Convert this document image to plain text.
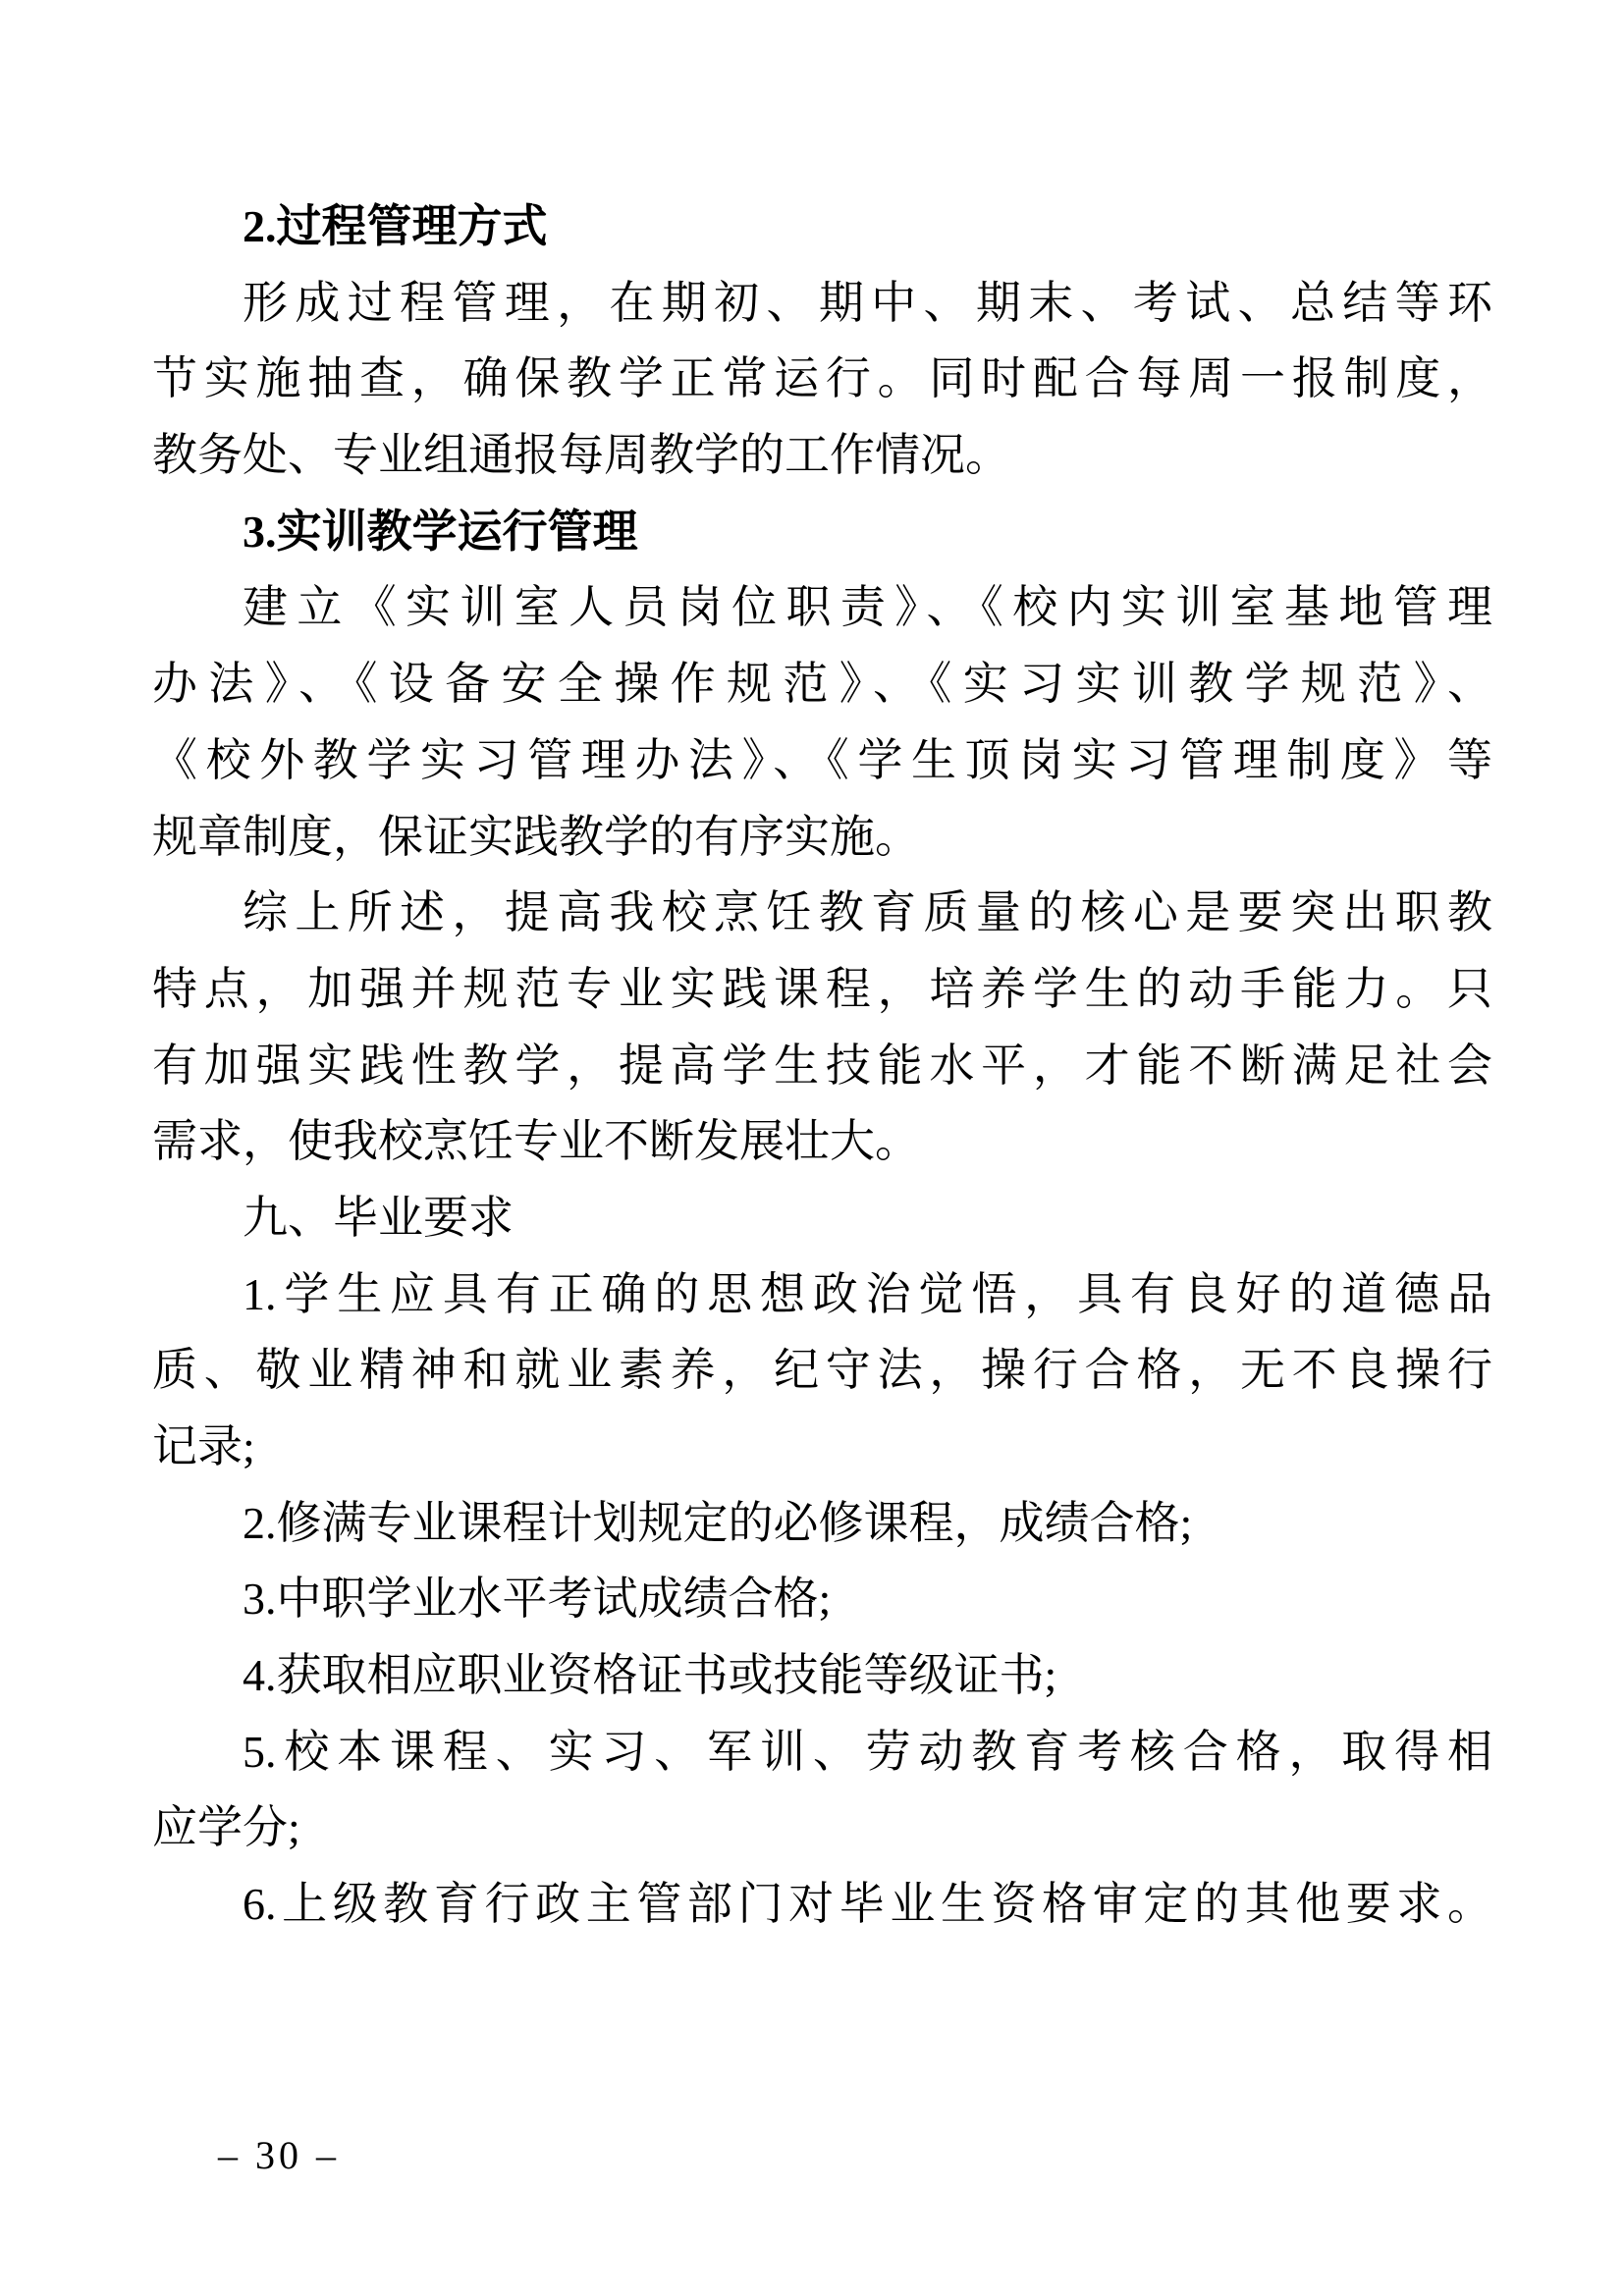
2.过程管理方式
形成过程管理，在期初、期中、期末、考试、总结等环
节实施抽查，确保教学正常运行。同时配合每周一报制度，
教务处、专业组通报每周教学的工作情况。
3.实训教学运行管理
建立《实训室人员岗位职责》、《校内实训室基地管理
办法》、《设备安全操作规范》、《实习实训教学规范》、
《校外教学实习管理办法》、《学生顶岗实习管理制度》等
规章制度，保证实践教学的有序实施。
综上所述，提高我校烹饪教育质量的核心是要突出职教
特点，加强并规范专业实践课程，培养学生的动手能力。只
有加强实践性教学，提高学生技能水平，才能不断满足社会
需求，使我校烹饪专业不断发展壮大。
九、毕业要求
1.学生应具有正确的思想政治觉悟，具有良好的道德品
质、敬业精神和就业素养，纪守法，操行合格，无不良操行
记录;
2.修满专业课程计划规定的必修课程，成绩合格;
3.中职学业水平考试成绩合格;
4.获取相应职业资格证书或技能等级证书;
5.校本课程、实习、军训、劳动教育考核合格，取得相
应学分;
6.上级教育行政主管部门对毕业生资格审定的其他要求。
– 30 –
